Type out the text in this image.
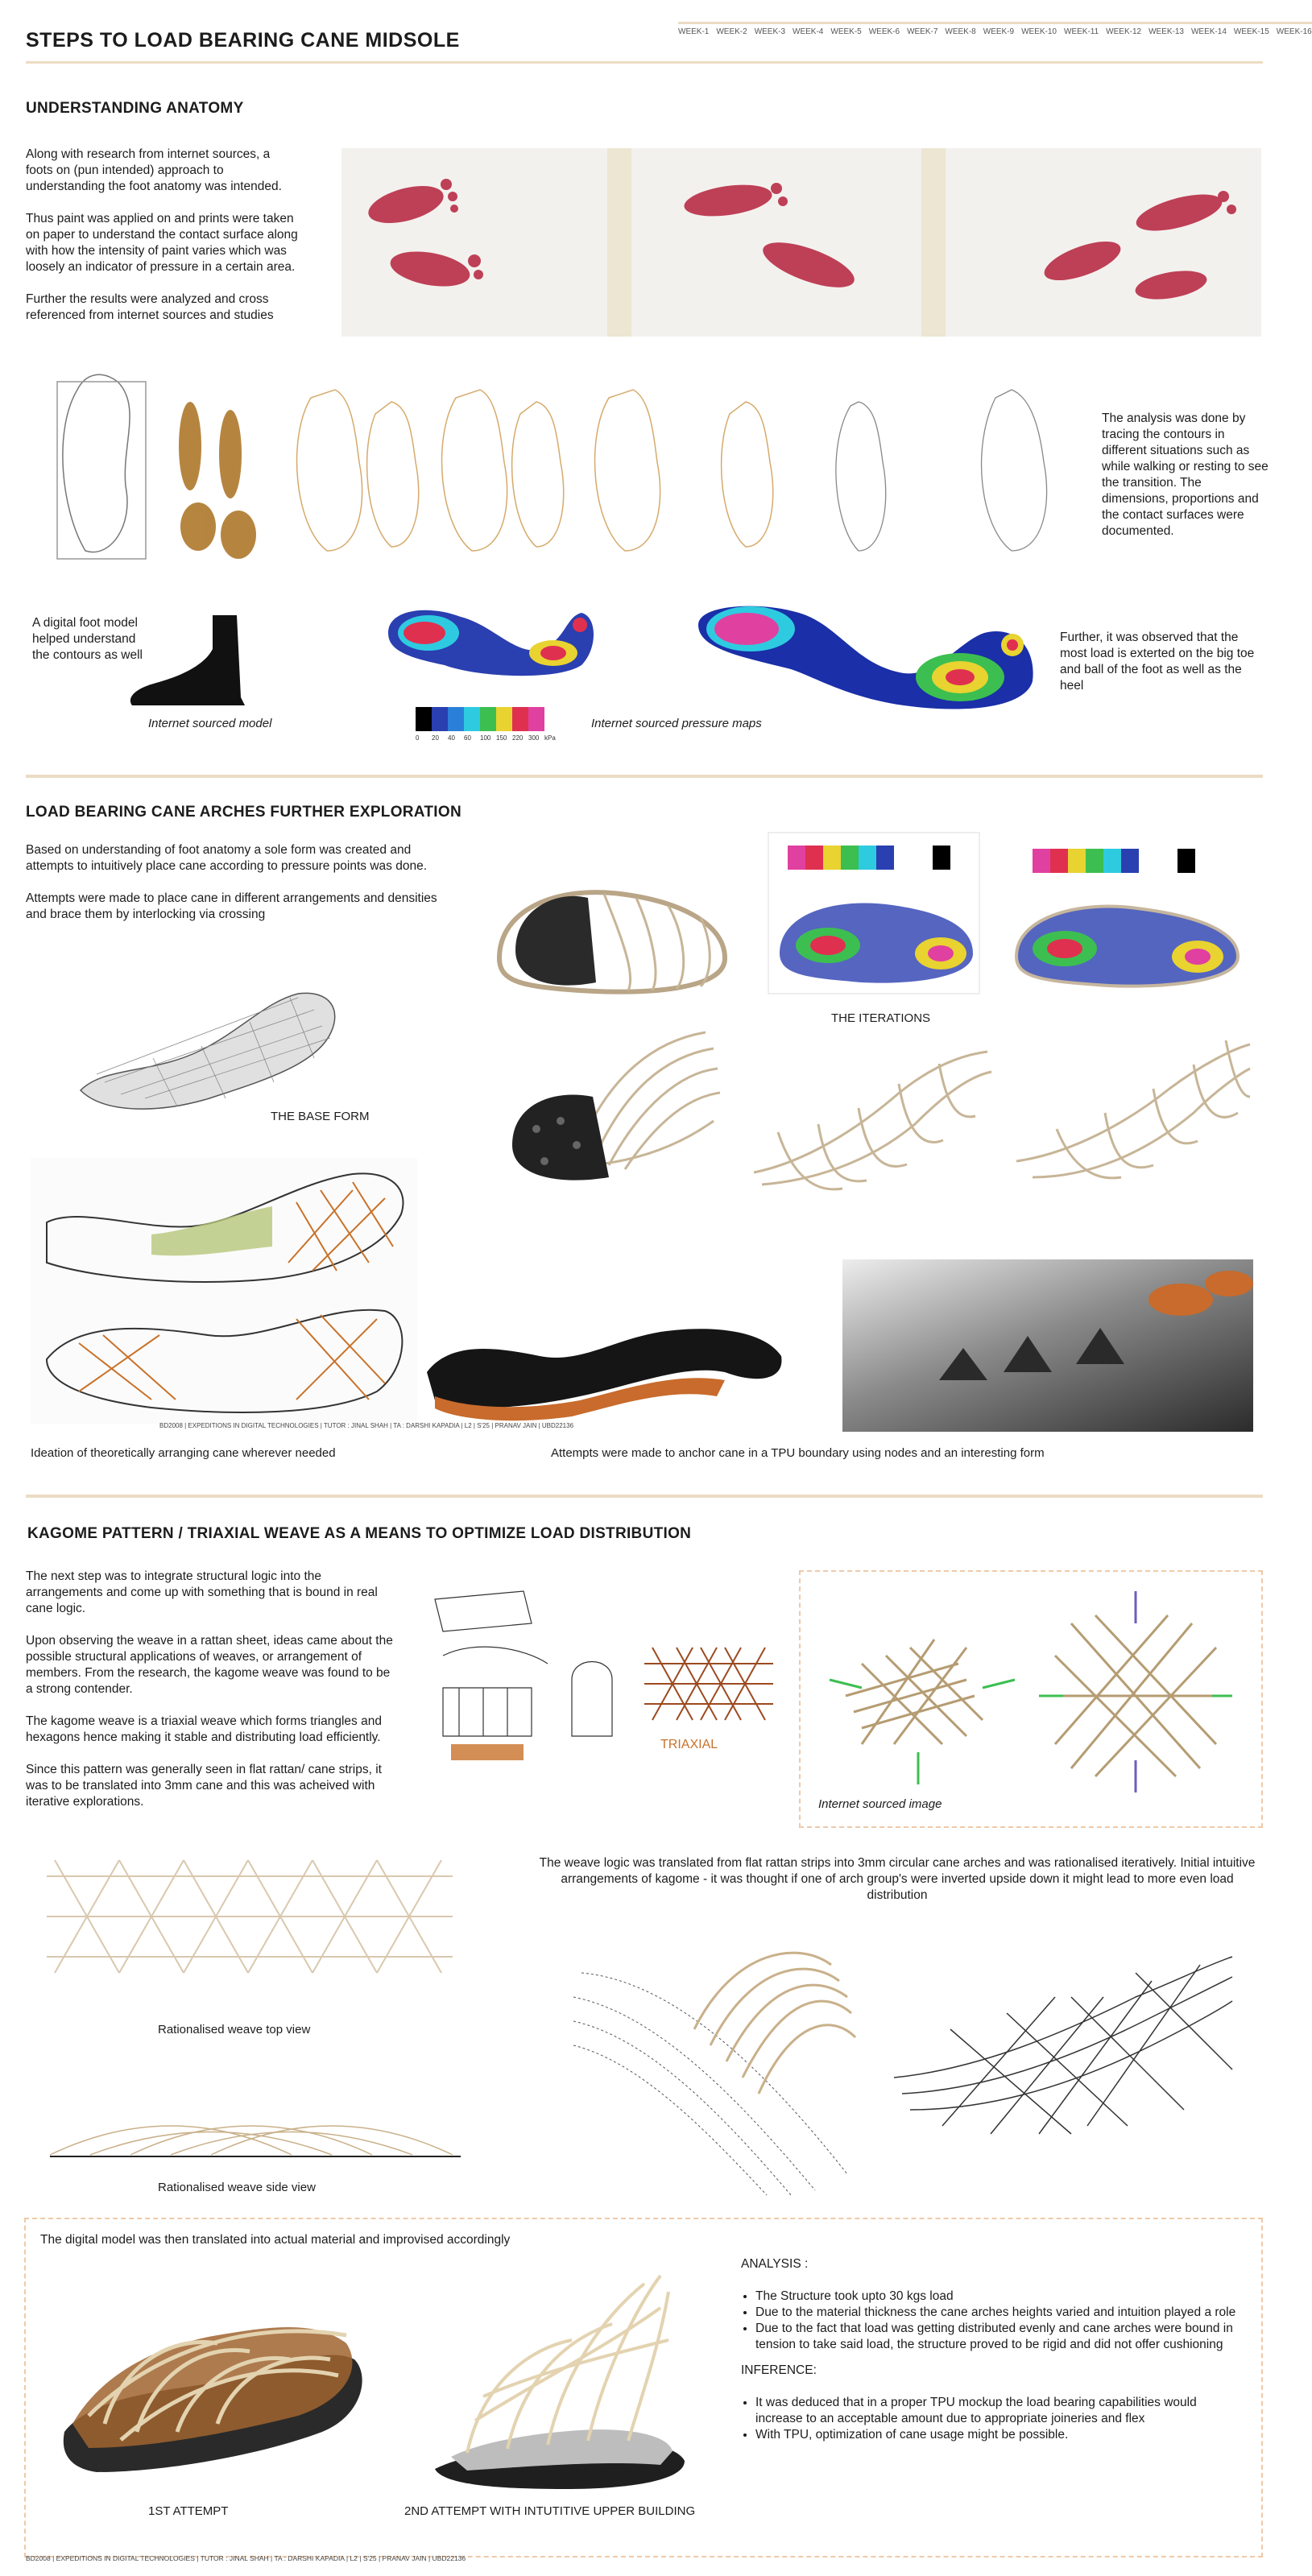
STEPS TO LOAD BEARING CANE MIDSOLE	WEEK-1 WEEK-2 WEEK-3 WEEK-4 WEEK-5 WEEK-6 WEEK-7 WEEK-8 WEEK-9 WEEK-10 WEEK-11 WEEK-12 WEEK-13 WEEK-14 WEEK-15 WEEK-16
UNDERSTANDING ANATOMY

Along with research from internet sources, a foots on (pun intended) approach to understanding the foot anatomy was intended.

Thus paint was applied on and prints were taken on paper to understand the contact surface along with how the intensity of paint varies which was loosely an indicator of pressure in a certain area.

Further the results were analyzed and cross referenced from internet sources and studies

The analysis was done by tracing the contours in different situations such as while walking or resting to see the transition. The dimensions, proportions and the contact surfaces were documented.
A digital foot model helped understand the contours as well
Internet sourced model
0	20	40	60	100 150 220 300 kPa
Internet sourced pressure maps
Further, it was observed that the most load is exterted on the big toe and ball of the foot as well as the heel
LOAD BEARING CANE ARCHES FURTHER EXPLORATION

Based on understanding of foot anatomy a sole form was created and attempts to intuitively place cane according to pressure points was done.

Attempts were made to place cane in different arrangements and densities and brace them by interlocking via crossing

THE BASE FORM
THE ITERATIONS
Ideation of theoretically arranging cane wherever needed	Attempts were made to anchor cane in a TPU boundary using nodes and an interesting form
BD2008 | EXPEDITIONS IN DIGITAL TECHNOLOGIES | TUTOR : JINAL SHAH | TA : DARSHI KAPADIA | L2 | S'25 | PRANAV JAIN | UBD22136
KAGOME PATTERN / TRIAXIAL WEAVE AS A MEANS TO OPTIMIZE LOAD DISTRIBUTION

The next step was to integrate structural logic into the arrangements and come up with something that is bound in real cane logic.

Upon observing the weave in a rattan sheet, ideas came about the possible structural applications of weaves, or arrangement of members. From the research, the kagome weave was found to be a strong contender.

The kagome weave is a triaxial weave which forms triangles and hexagons hence making it stable and distributing load efficiently.

Since this pattern was generally seen in flat rattan/ cane strips, it was to be translated into 3mm cane and this was acheived with iterative explorations.

TRIAXIAL
Internet sourced image
The weave logic was translated from flat rattan strips into 3mm circular cane arches and was rationalised iteratively. Initial intuitive arrangements of kagome - it was thought if one of arch group's were inverted upside down it might lead to more even load distribution
Rationalised weave top view
Rationalised weave side view
The digital model was then translated into actual material and improvised accordingly
1ST ATTEMPT	2ND ATTEMPT WITH INTUTITIVE UPPER BUILDING
ANALYSIS :
• The Structure took upto 30 kgs load
• Due to the material thickness the cane arches heights varied and intuition played a role
• Due to the fact that load was getting distributed evenly and cane arches were bound in tension to take said load, the structure proved to be rigid and did not offer cushioning
INFERENCE:
• It was deduced that in a proper TPU mockup the load bearing capabilities would increase to an acceptable amount due to appropriate joineries and flex
• With TPU, optimization of cane usage might be possible.
BD2008 | EXPEDITIONS IN DIGITAL TECHNOLOGIES | TUTOR : JINAL SHAH | TA : DARSHI KAPADIA | L2 | S'25 | PRANAV JAIN | UBD22136
